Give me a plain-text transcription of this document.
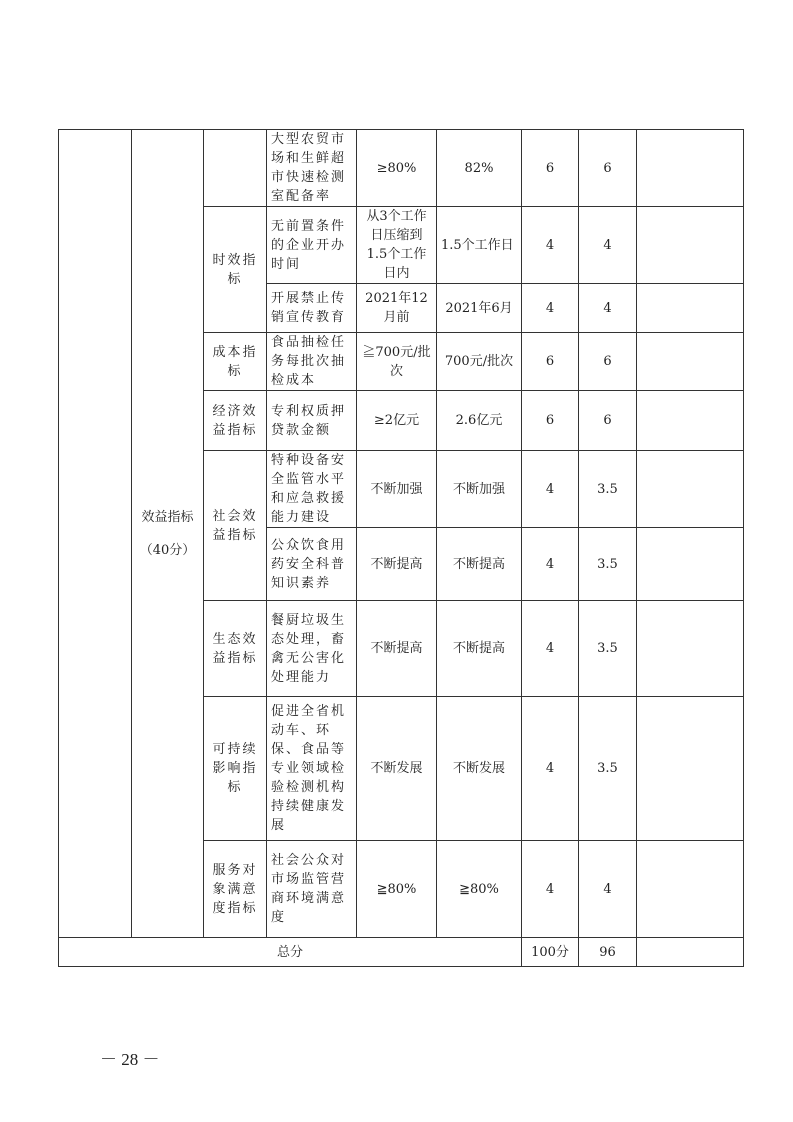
	效益指标
（40分）		大型农贸市场和生鲜超市快速检测室配备率	≥80%	82%	6	6	
		时效指标	无前置条件的企业开办时间	从3个工作日压缩到1.5个工作日内	1.5个工作日	4	4	
			开展禁止传销宣传教育	2021年12月前	2021年6月	4	4	
		成本指标	食品抽检任务每批次抽检成本	≧700元/批次	700元/批次	6	6	
		经济效益指标	专利权质押贷款金额	≥2亿元	2.6亿元	6	6	
		社会效益指标	特种设备安全监管水平和应急救援能力建设	不断加强	不断加强	4	3.5	
			公众饮食用药安全科普知识素养	不断提高	不断提高	4	3.5	
		生态效益指标	餐厨垃圾生态处理，畜禽无公害化处理能力	不断提高	不断提高	4	3.5	
		可持续影响指标	促进全省机动车、环保、食品等专业领域检验检测机构持续健康发展	不断发展	不断发展	4	3.5	
		服务对象满意度指标	社会公众对市场监管营商环境满意度	≧80%	≧80%	4	4	
总分						100分	96	
－ 28 －
